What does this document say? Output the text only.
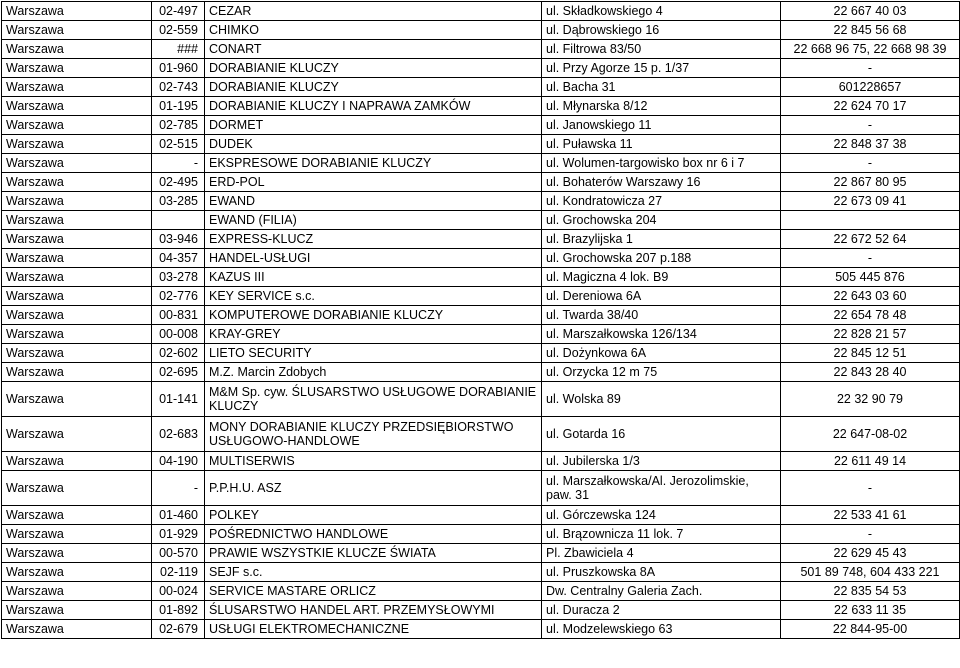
Warszawa	02-497	CEZAR	ul. Składkowskiego 4	22 667 40 03
Warszawa	02-559	CHIMKO	ul. Dąbrowskiego 16	22 845 56 68
Warszawa	###	CONART	ul. Filtrowa 83/50	22 668 96 75, 22 668 98 39
Warszawa	01-960	DORABIANIE KLUCZY	ul. Przy Agorze 15 p. 1/37	-
Warszawa	02-743	DORABIANIE KLUCZY	ul. Bacha 31	601228657
Warszawa	01-195	DORABIANIE KLUCZY I NAPRAWA ZAMKÓW	ul. Młynarska 8/12	22 624 70 17
Warszawa	02-785	DORMET	ul. Janowskiego 11	-
Warszawa	02-515	DUDEK	ul. Puławska 11	22 848 37 38
Warszawa	-	EKSPRESOWE DORABIANIE KLUCZY	ul. Wolumen-targowisko box nr 6 i 7	-
Warszawa	02-495	ERD-POL	ul. Bohaterów Warszawy 16	22 867 80 95
Warszawa	03-285	EWAND	ul. Kondratowicza 27	22 673 09 41
Warszawa		EWAND (FILIA)	ul. Grochowska 204	
Warszawa	03-946	EXPRESS-KLUCZ	ul. Brazylijska 1	22 672 52 64
Warszawa	04-357	HANDEL-USŁUGI	ul. Grochowska 207 p.188	-
Warszawa	03-278	KAZUS III	ul. Magiczna 4 lok. B9	505 445 876
Warszawa	02-776	KEY SERVICE s.c.	ul. Dereniowa 6A	22 643 03 60
Warszawa	00-831	KOMPUTEROWE DORABIANIE KLUCZY	ul. Twarda 38/40	22 654 78 48
Warszawa	00-008	KRAY-GREY	ul. Marszałkowska 126/134	22 828 21 57
Warszawa	02-602	LIETO SECURITY	ul. Dożynkowa 6A	22 845 12 51
Warszawa	02-695	M.Z. Marcin Zdobych	ul. Orzycka 12 m 75	22 843 28 40
Warszawa	01-141	M&M Sp. cyw. ŚLUSARSTWO USŁUGOWE DORABIANIE KLUCZY	ul. Wolska 89	22 32 90 79
Warszawa	02-683	MONY DORABIANIE KLUCZY PRZEDSIĘBIORSTWO USŁUGOWO-HANDLOWE	ul. Gotarda 16	22 647-08-02
Warszawa	04-190	MULTISERWIS	ul. Jubilerska 1/3	22 611 49 14
Warszawa	-	P.P.H.U. ASZ	ul. Marszałkowska/Al. Jerozolimskie, paw. 31	-
Warszawa	01-460	POLKEY	ul. Górczewska 124	22 533 41 61
Warszawa	01-929	POŚREDNICTWO HANDLOWE	ul. Brązownicza 11 lok. 7	-
Warszawa	00-570	PRAWIE WSZYSTKIE KLUCZE ŚWIATA	Pl. Zbawiciela 4	22 629 45 43
Warszawa	02-119	SEJF s.c.	ul. Pruszkowska 8A	501 89 748, 604 433 221
Warszawa	00-024	SERVICE MASTARE ORLICZ	Dw. Centralny Galeria Zach.	22 835 54 53
Warszawa	01-892	ŚLUSARSTWO HANDEL ART. PRZEMYSŁOWYMI	ul. Duracza 2	22 633 11 35
Warszawa	02-679	USŁUGI ELEKTROMECHANICZNE	ul. Modzelewskiego 63	22 844-95-00
